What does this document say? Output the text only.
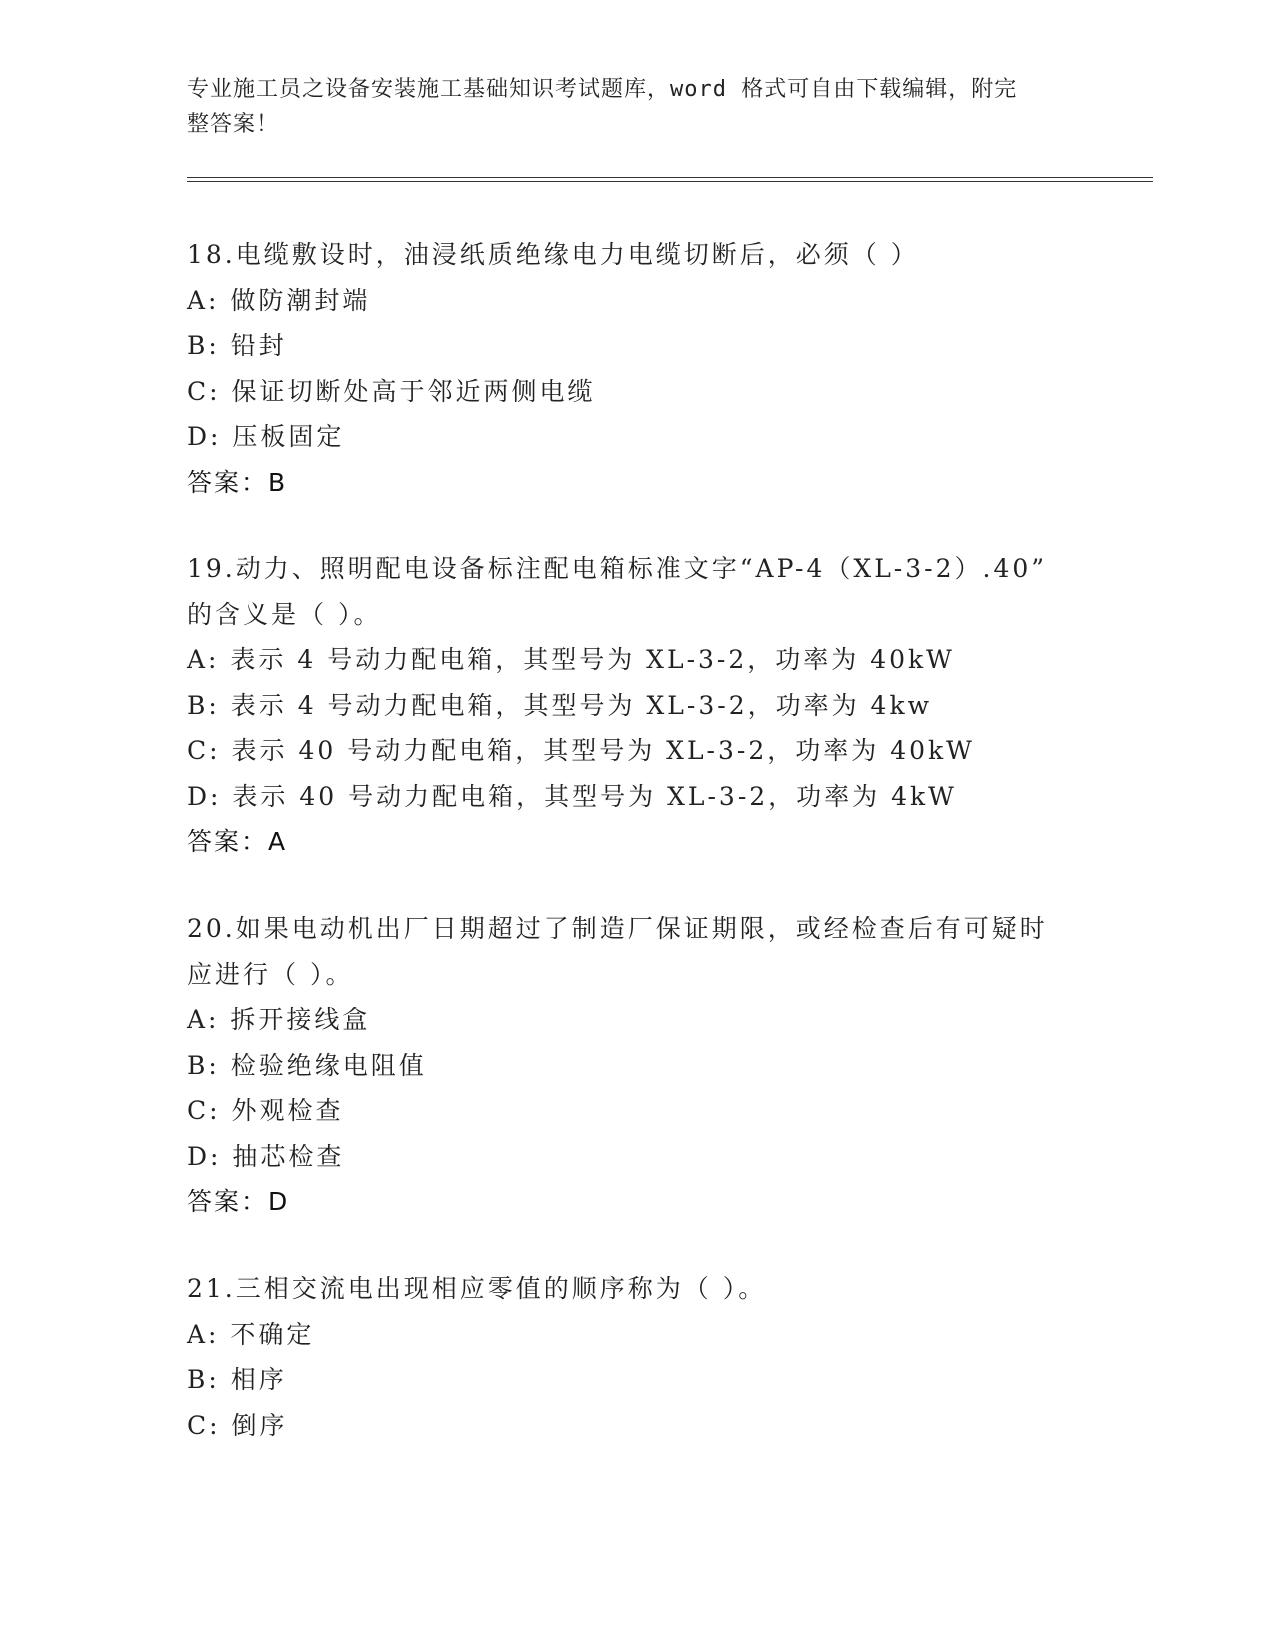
专业施工员之设备安装施工基础知识考试题库，word 格式可自由下载编辑，附完
整答案！
18.电缆敷设时，油浸纸质绝缘电力电缆切断后，必须（ ）
A: 做防潮封端
B: 铅封
C: 保证切断处高于邻近两侧电缆
D: 压板固定
答案：B
19.动力、照明配电设备标注配电箱标准文字“AP-4（XL-3-2）.40”
的含义是（ ）。
A: 表示 4 号动力配电箱，其型号为 XL-3-2，功率为 40kW
B: 表示 4 号动力配电箱，其型号为 XL-3-2，功率为 4kw
C: 表示 40 号动力配电箱，其型号为 XL-3-2，功率为 40kW
D: 表示 40 号动力配电箱，其型号为 XL-3-2，功率为 4kW
答案：A
20.如果电动机出厂日期超过了制造厂保证期限，或经检查后有可疑时
应进行（ ）。
A: 拆开接线盒
B: 检验绝缘电阻值
C: 外观检查
D: 抽芯检查
答案：D
21.三相交流电出现相应零值的顺序称为（ ）。
A: 不确定
B: 相序
C: 倒序
